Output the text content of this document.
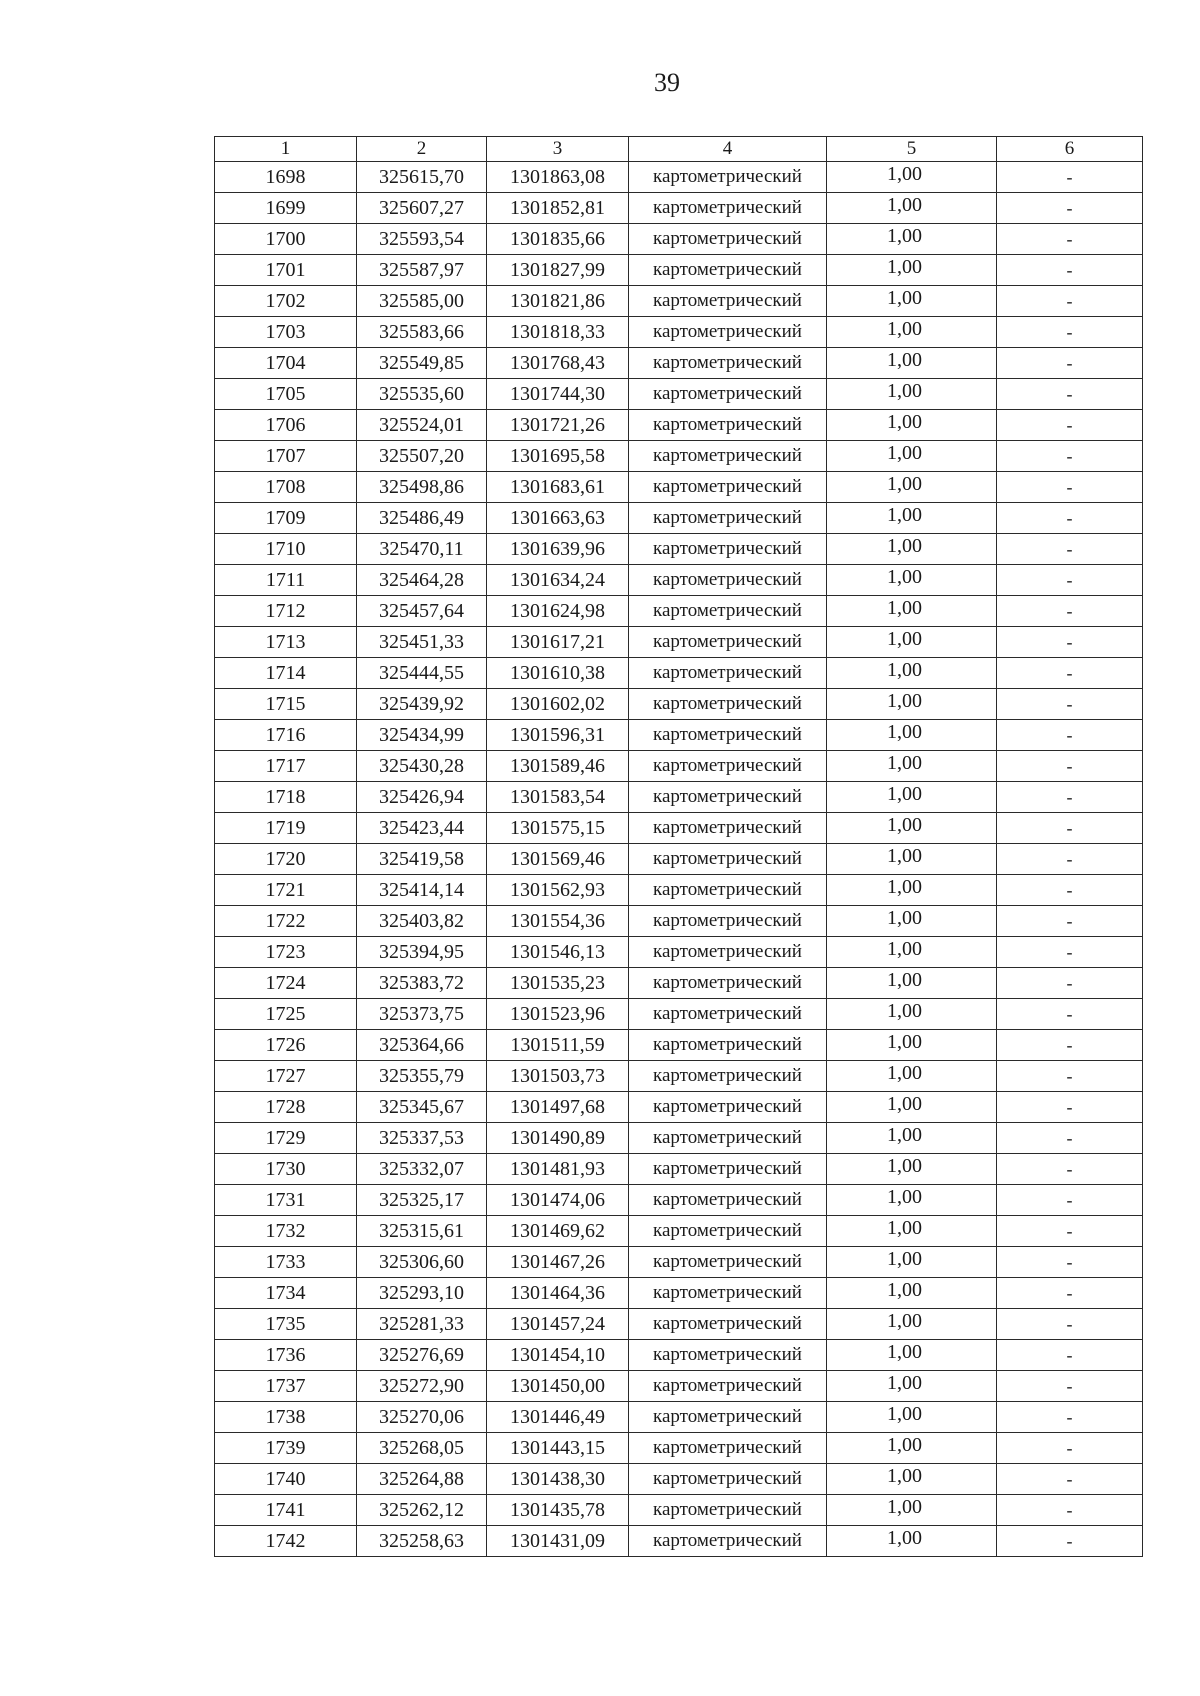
39
1	2	3	4	5	6
1698	325615,70	1301863,08	картометрический	1,00	-
1699	325607,27	1301852,81	картометрический	1,00	-
1700	325593,54	1301835,66	картометрический	1,00	-
1701	325587,97	1301827,99	картометрический	1,00	-
1702	325585,00	1301821,86	картометрический	1,00	-
1703	325583,66	1301818,33	картометрический	1,00	-
1704	325549,85	1301768,43	картометрический	1,00	-
1705	325535,60	1301744,30	картометрический	1,00	-
1706	325524,01	1301721,26	картометрический	1,00	-
1707	325507,20	1301695,58	картометрический	1,00	-
1708	325498,86	1301683,61	картометрический	1,00	-
1709	325486,49	1301663,63	картометрический	1,00	-
1710	325470,11	1301639,96	картометрический	1,00	-
1711	325464,28	1301634,24	картометрический	1,00	-
1712	325457,64	1301624,98	картометрический	1,00	-
1713	325451,33	1301617,21	картометрический	1,00	-
1714	325444,55	1301610,38	картометрический	1,00	-
1715	325439,92	1301602,02	картометрический	1,00	-
1716	325434,99	1301596,31	картометрический	1,00	-
1717	325430,28	1301589,46	картометрический	1,00	-
1718	325426,94	1301583,54	картометрический	1,00	-
1719	325423,44	1301575,15	картометрический	1,00	-
1720	325419,58	1301569,46	картометрический	1,00	-
1721	325414,14	1301562,93	картометрический	1,00	-
1722	325403,82	1301554,36	картометрический	1,00	-
1723	325394,95	1301546,13	картометрический	1,00	-
1724	325383,72	1301535,23	картометрический	1,00	-
1725	325373,75	1301523,96	картометрический	1,00	-
1726	325364,66	1301511,59	картометрический	1,00	-
1727	325355,79	1301503,73	картометрический	1,00	-
1728	325345,67	1301497,68	картометрический	1,00	-
1729	325337,53	1301490,89	картометрический	1,00	-
1730	325332,07	1301481,93	картометрический	1,00	-
1731	325325,17	1301474,06	картометрический	1,00	-
1732	325315,61	1301469,62	картометрический	1,00	-
1733	325306,60	1301467,26	картометрический	1,00	-
1734	325293,10	1301464,36	картометрический	1,00	-
1735	325281,33	1301457,24	картометрический	1,00	-
1736	325276,69	1301454,10	картометрический	1,00	-
1737	325272,90	1301450,00	картометрический	1,00	-
1738	325270,06	1301446,49	картометрический	1,00	-
1739	325268,05	1301443,15	картометрический	1,00	-
1740	325264,88	1301438,30	картометрический	1,00	-
1741	325262,12	1301435,78	картометрический	1,00	-
1742	325258,63	1301431,09	картометрический	1,00	-
